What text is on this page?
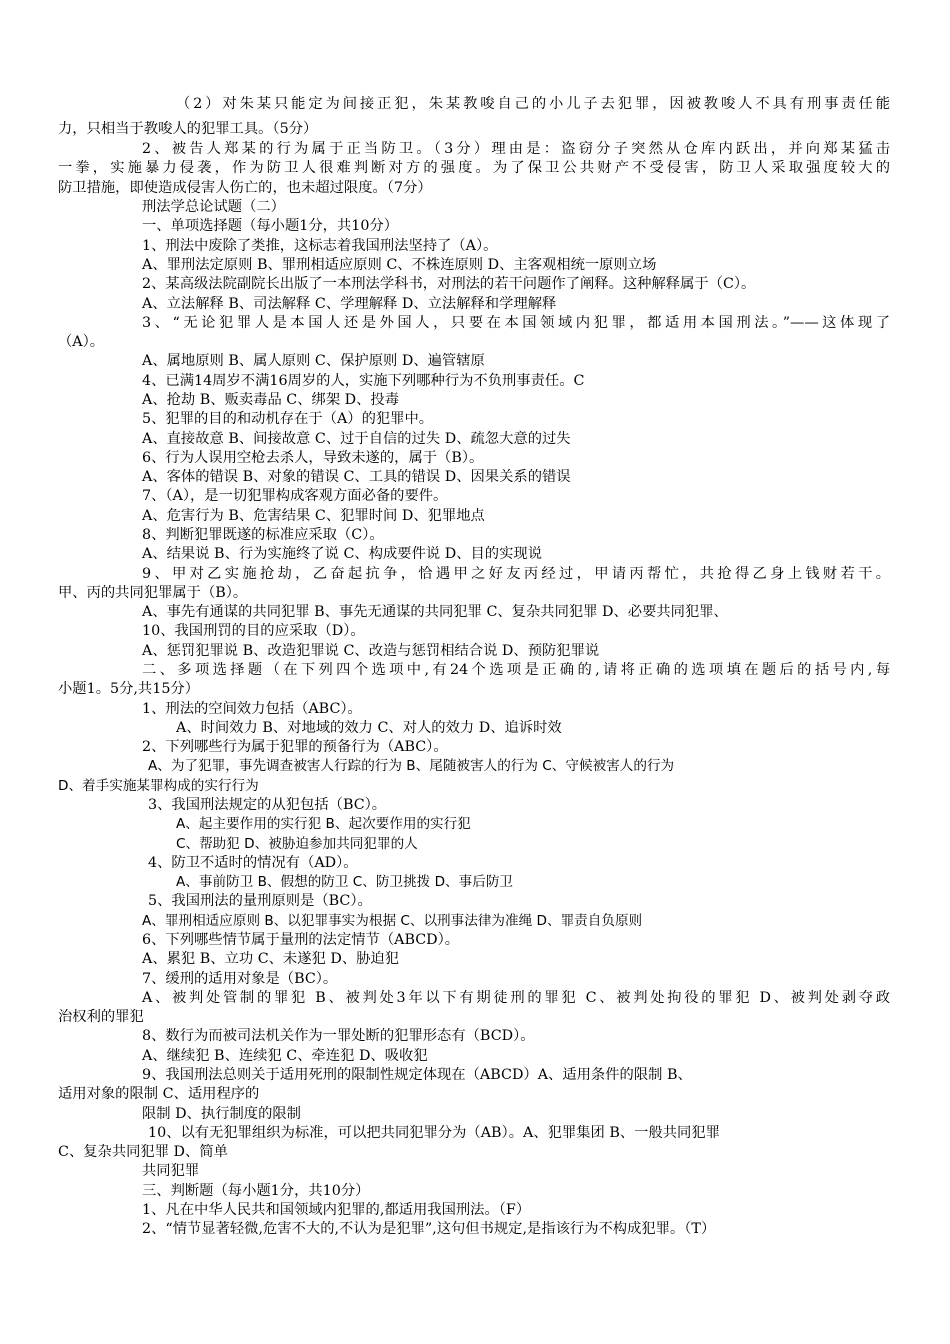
（2）对朱某只能定为间接正犯，朱某教唆自己的小儿子去犯罪，因被教唆人不具有刑事责任能
力，只相当于教唆人的犯罪工具。（5分）
2、被告人郑某的行为属于正当防卫。（3分）理由是：盗窃分子突然从仓库内跃出，并向郑某猛击
一拳，实施暴力侵袭，作为防卫人很难判断对方的强度。为了保卫公共财产不受侵害，防卫人采取强度较大的
防卫措施，即使造成侵害人伤亡的，也未超过限度。（7分）
刑法学总论试题（二）
一、单项选择题（每小题1分，共10分）
1、刑法中废除了类推，这标志着我国刑法坚持了（A）。
A、罪刑法定原则 B、罪刑相适应原则 C、不株连原则 D、主客观相统一原则立场
2、某高级法院副院长出版了一本刑法学科书，对刑法的若干问题作了阐释。这种解释属于（C）。
A、立法解释 B、司法解释 C、学理解释 D、立法解释和学理解释
3、“无论犯罪人是本国人还是外国人，只要在本国领域内犯罪，都适用本国刑法。”——这体现了
（A）。
A、属地原则 B、属人原则 C、保护原则 D、遍管辖原
4、已满14周岁不满16周岁的人，实施下列哪种行为不负刑事责任。C
A、抢劫 B、贩卖毒品 C、绑架 D、投毒
5、犯罪的目的和动机存在于（A）的犯罪中。
A、直接故意 B、间接故意 C、过于自信的过失 D、疏忽大意的过失
6、行为人误用空枪去杀人，导致未遂的，属于（B）。
A、客体的错误 B、对象的错误 C、工具的错误 D、因果关系的错误
7、（A），是一切犯罪构成客观方面必备的要件。
A、危害行为 B、危害结果 C、犯罪时间 D、犯罪地点
8、判断犯罪既遂的标准应采取（C）。
A、结果说 B、行为实施终了说 C、构成要件说 D、目的实现说
9、甲对乙实施抢劫，乙奋起抗争，恰遇甲之好友丙经过，甲请丙帮忙，共抢得乙身上钱财若干。
甲、丙的共同犯罪属于（B）。
A、事先有通谋的共同犯罪 B、事先无通谋的共同犯罪 C、复杂共同犯罪 D、必要共同犯罪、
10、我国刑罚的目的应采取（D）。
A、惩罚犯罪说 B、改造犯罪说 C、改造与惩罚相结合说 D、预防犯罪说
二、多项选择题（在下列四个选项中,有24个选项是正确的,请将正确的选项填在题后的括号内,每
小题1。5分,共15分）
1、刑法的空间效力包括（ABC）。
A、时间效力 B、对地域的效力 C、对人的效力 D、追诉时效
2、下列哪些行为属于犯罪的预备行为（ABC）。
A、为了犯罪，事先调查被害人行踪的行为 B、尾随被害人的行为 C、守候被害人的行为
D、着手实施某罪构成的实行行为
3、我国刑法规定的从犯包括（BC）。
A、起主要作用的实行犯 B、起次要作用的实行犯
C、帮助犯 D、被胁迫参加共同犯罪的人
4、防卫不适时的情况有（AD）。
A、事前防卫 B、假想的防卫 C、防卫挑拨 D、事后防卫
5、我国刑法的量刑原则是（BC）。
A、罪刑相适应原则 B、以犯罪事实为根据 C、以刑事法律为准绳 D、罪责自负原则
6、下列哪些情节属于量刑的法定情节（ABCD）。
A、累犯 B、立功 C、未遂犯 D、胁迫犯
7、缓刑的适用对象是（BC）。
A、被判处管制的罪犯 B、被判处3年以下有期徒刑的罪犯 C、被判处拘役的罪犯 D、被判处剥夺政
治权利的罪犯
8、数行为而被司法机关作为一罪处断的犯罪形态有（BCD）。
A、继续犯 B、连续犯 C、牵连犯 D、吸收犯
9、我国刑法总则关于适用死刑的限制性规定体现在（ABCD）A、适用条件的限制 B、
适用对象的限制 C、适用程序的
限制 D、执行制度的限制
10、以有无犯罪组织为标准，可以把共同犯罪分为（AB）。A、犯罪集团 B、一般共同犯罪
C、复杂共同犯罪 D、简单
共同犯罪
三、判断题（每小题1分，共10分）
1、凡在中华人民共和国领域内犯罪的,都适用我国刑法。（F）
2、“情节显著轻微,危害不大的,不认为是犯罪”,这句但书规定,是指该行为不构成犯罪。（T）
